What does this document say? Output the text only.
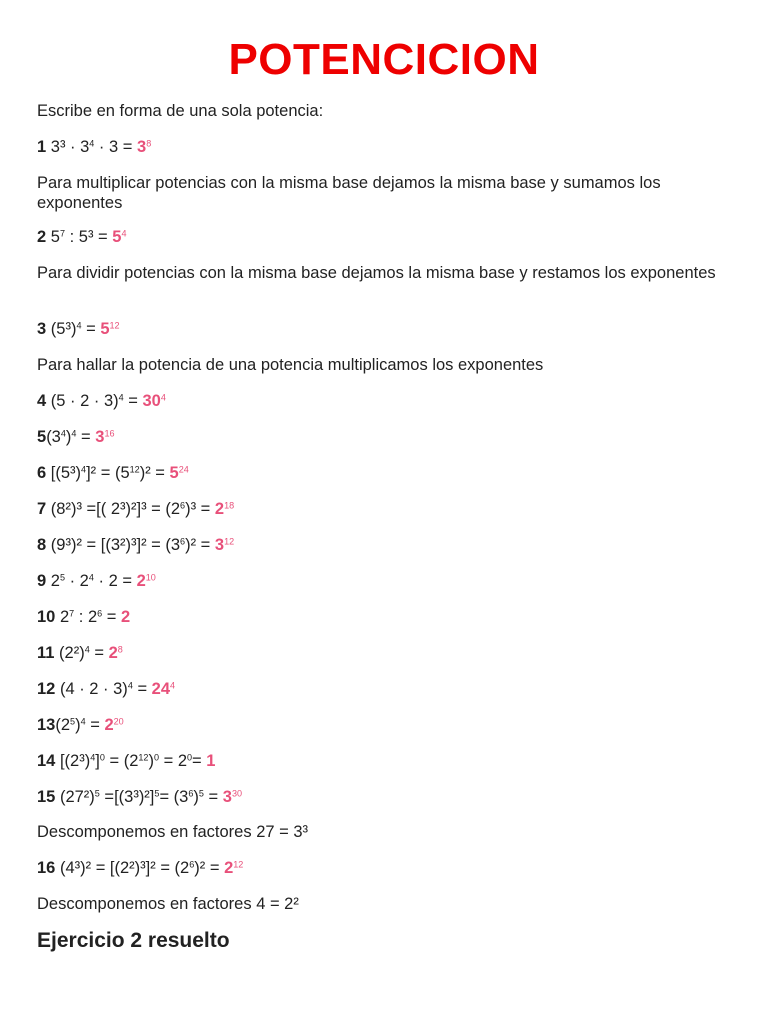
POTENCICION

Escribe en forma de una sola potencia:

1 $3^3 \cdot 3^4 \cdot 3 = 3^8$

Para multiplicar potencias con la misma base dejamos la misma base y sumamos los exponentes

2 $5^7$ : $5^3 = 5^4$

Para dividir potencias con la misma base dejamos la misma base y restamos los exponentes

3 $(5^3)^4 = 5^{12}$

Para hallar la potencia de una potencia multiplicamos los exponentes

4 $(5 \cdot 2 \cdot 3)^4 = 30^4$

$5(3^4)^4 = 3^{16}$

6 $[(5^3)^4]^2 = (5^{12})^2 = 5^{24}$

7 (8²)³ =[( $2^3)^2]^3 = (2^6)^3 = 2^{18}$

8 $(9^3)^2 = [(3^2)^3]^2 = (3^6)^2 = 3^{12}$

9 $2^5 \cdot 2^4 \cdot 2 = 2^{10}$

10 $2^7$ : $2^6 = 2$

11 $(2^2)^4 = 2^8$

12 $(4 \cdot 2 \cdot 3)^4 = 24^4$

$13(2^5)^4 = 2^{20}$

14 $[(2^3)^4]^0 = (2^{12})^0 = 2^0= 1$

15 $(27^2)^5 =[(3^3)^2]^5= (3^6)^5 = 3^{30}$

Descomponemos en factores 27 = 3³

16 $(4^3)^2 = [(2^2)^3]^2 = (2^6)^2 = 2^{12}$

Descomponemos en factores 4 = 2²

Ejercicio 2 resuelto
